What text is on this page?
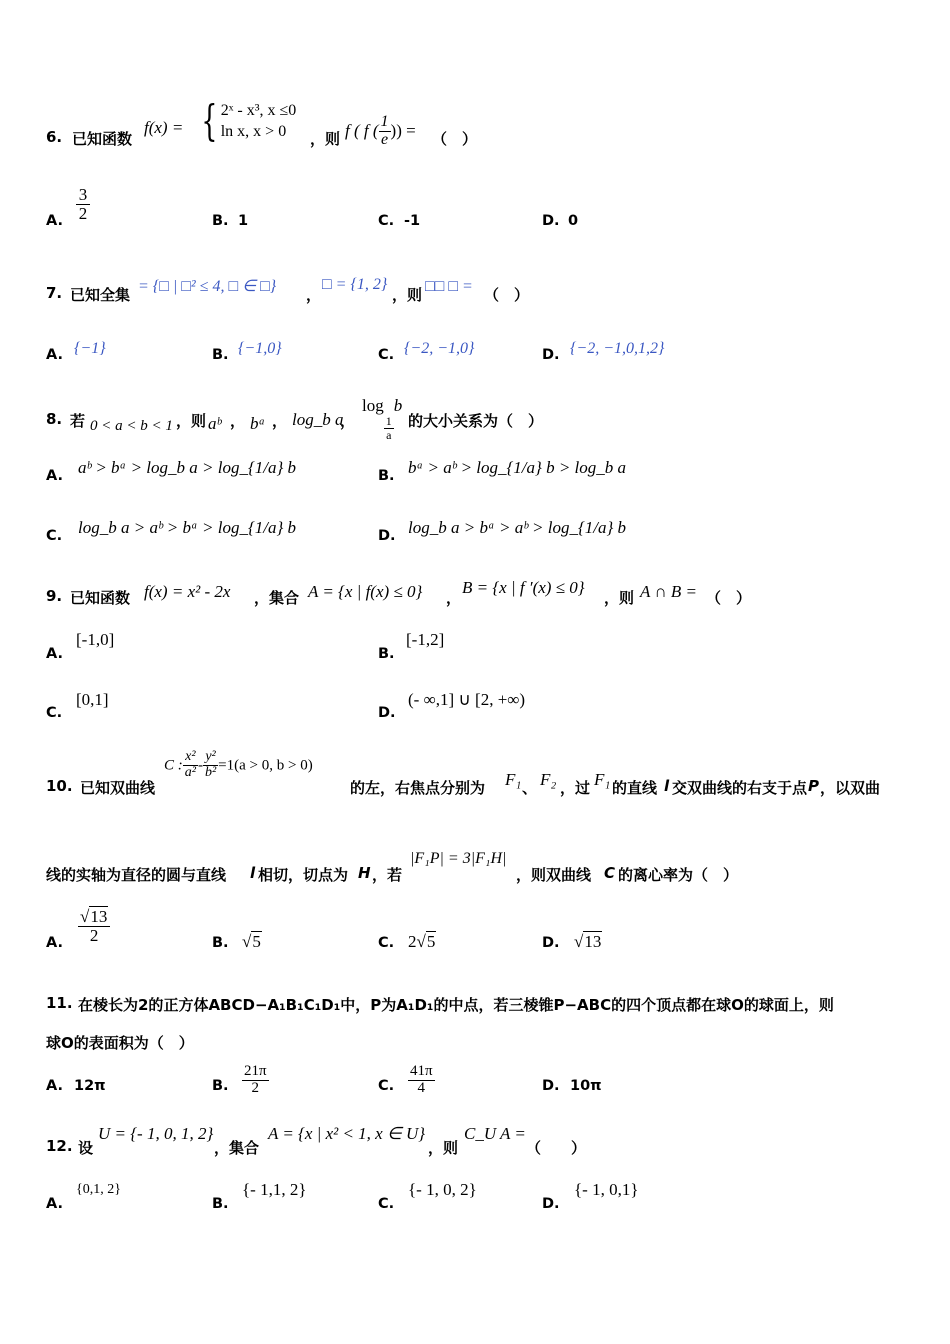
6. 已知函数
f(x) = { 2ˣ - x³, x ≤0
ln x, x > 0	，则 f ( f ( $\frac{1}{e}$ )) = （　）
A. $\frac{3}{2}$	B. 1	C. -1	D. 0
7. 已知全集 = {□ | □² ≤ 4, □ ∈ □} ，
□ = {1, 2}
，则 □□ □ = （　）
A. {−1}	B. {−1,0}	C. {−2, −1,0}	D. {−2, −1,0,1,2}
8. 若 0 < a < b < 1 ，则 aᵇ ， bᵃ ， log_b a
，
log
$\frac{1}{a}$
b
的大小关系为（　）
A. aᵇ > bᵃ > log_b a > log_{1/a} b	B. bᵃ > aᵇ > log_{1/a} b > log_b a
C. log_b a > aᵇ > bᵃ > log_{1/a} b	D. log_b a > bᵃ > aᵇ > log_{1/a} b
9. 已知函数 f(x) = x² - 2x ，集合 A = {x | f(x) ≤ 0} ，
B = {x | f ′(x) ≤ 0}
，则 A ∩ B = （　）
A.
[-1,0]
B.
[-1,2]
C.
[0,1]
D.
(- ∞,1] ∪ [2, +∞)
10. 已知双曲线
C : $\frac{\text{x²}}{\text{a²}} - \frac{\text{y²}}{\text{b²}} =1(a > 0$, b > 0)
的左，右焦点分别为 F₁ 、 F₂ ，过 F₁ 的直线 l 交双曲线的右支于点 P ，以双曲
线的实轴为直径的圆与直线 l 相切，切点为 H ，若
|F₁P| = 3|F₁H|
，则双曲线 C 的离心率为（　）
A. $\frac{√13}{2}$	B. √5	C. 2√5	D. √13
11. 在棱长为2的正方体ABCD−A₁B₁C₁D₁中，P为A₁D₁的中点，若三棱锥P−ABC的四个顶点都在球O的球面上，则
球O的表面积为（　）
A. 12π	B. $\frac{21\pi}{2}$	C. $\frac{41\pi}{4}$	D. 10π
12. 设
U = {- 1, 0, 1, 2}
，集合
A = {x | x² < 1, x ∈ U}
，则
C_U A =
（　　）
A.
{0,1, 2}
B.
{- 1,1, 2}
C.
{- 1, 0, 2}
D.
{- 1, 0,1}
